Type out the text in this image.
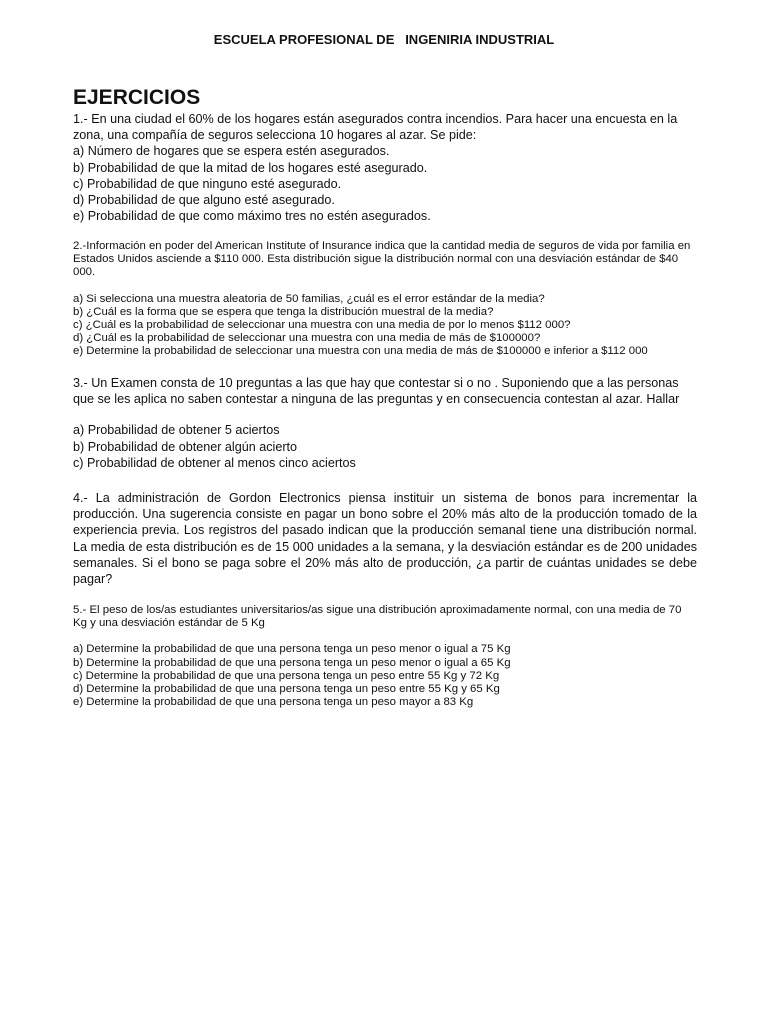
ESCUELA PROFESIONAL DE   INGENIRIA INDUSTRIAL
EJERCICIOS

1.- En una ciudad el 60% de los hogares están asegurados contra incendios. Para hacer una encuesta en la zona, una compañía de seguros selecciona 10 hogares al azar. Se pide:

a) Número de hogares que se espera estén asegurados.

b) Probabilidad de que la mitad de los hogares esté asegurado.

c) Probabilidad de que ninguno esté asegurado.

d) Probabilidad de que alguno esté asegurado.

e) Probabilidad de que como máximo tres no estén asegurados.

2.-Información en poder del American Institute of Insurance indica que la cantidad media de seguros de vida por familia en Estados Unidos asciende a $110 000. Esta distribución sigue la distribución normal con una desviación estándar de $40 000.

a) Si selecciona una muestra aleatoria de 50 familias, ¿cuál es el error estándar de la media?

b) ¿Cuál es la forma que se espera que tenga la distribución muestral de la media?

c) ¿Cuál es la probabilidad de seleccionar una muestra con una media de por lo menos $112 000?

d) ¿Cuál es la probabilidad de seleccionar una muestra con una media de más de $100000?

e) Determine la probabilidad de seleccionar una muestra con una media de más de $100000 e inferior a $112 000

3.- Un Examen consta de 10 preguntas a las que hay que contestar si o no . Suponiendo que a las personas que se les aplica no saben contestar a ninguna de las preguntas y en consecuencia contestan al azar. Hallar

a) Probabilidad de obtener 5 aciertos

b) Probabilidad de obtener algún acierto

c) Probabilidad de obtener al menos cinco aciertos

4.- La administración de Gordon Electronics piensa instituir un sistema de bonos para incrementar la producción. Una sugerencia consiste en pagar un bono sobre el 20% más alto de la producción tomado de la experiencia previa. Los registros del pasado indican que la producción semanal tiene una distribución normal. La media de esta distribución es de 15 000 unidades a la semana, y la desviación estándar es de 200 unidades semanales. Si el bono se paga sobre el 20% más alto de producción, ¿a partir de cuántas unidades se debe pagar?

5.- El peso de los/as estudiantes universitarios/as sigue una distribución aproximadamente normal, con una media de 70 Kg y una desviación estándar de 5 Kg

a) Determine la probabilidad de que una persona tenga un peso menor o igual a 75 Kg

b) Determine la probabilidad de que una persona tenga un peso menor o igual a 65 Kg

c) Determine la probabilidad de que una persona tenga un peso entre 55 Kg y 72 Kg

d) Determine la probabilidad de que una persona tenga un peso entre 55 Kg y 65 Kg

e) Determine la probabilidad de que una persona tenga un peso mayor a 83 Kg
